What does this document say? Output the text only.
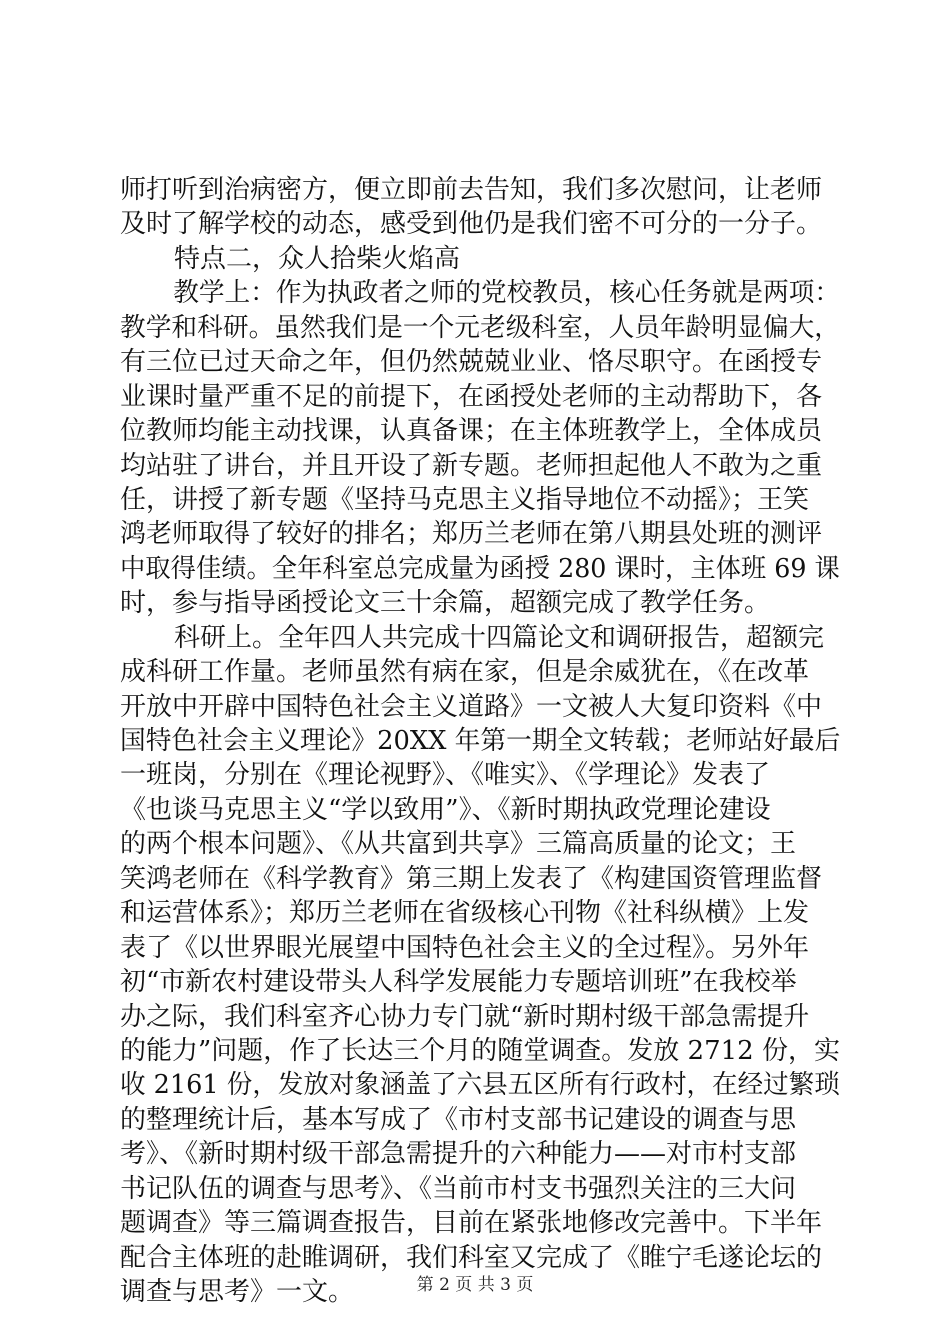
师打听到治病密方，便立即前去告知，我们多次慰问，让老师
及时了解学校的动态，感受到他仍是我们密不可分的一分子。
特点二，众人拾柴火焰高
教学上：作为执政者之师的党校教员，核心任务就是两项：
教学和科研。虽然我们是一个元老级科室，人员年龄明显偏大，
有三位已过天命之年，但仍然兢兢业业、恪尽职守。在函授专
业课时量严重不足的前提下，在函授处老师的主动帮助下，各
位教师均能主动找课，认真备课；在主体班教学上，全体成员
均站驻了讲台，并且开设了新专题。老师担起他人不敢为之重
任，讲授了新专题《坚持马克思主义指导地位不动摇》；王笑
鸿老师取得了较好的排名；郑历兰老师在第八期县处班的测评
中取得佳绩。全年科室总完成量为函授 280 课时，主体班 69 课
时，参与指导函授论文三十余篇，超额完成了教学任务。
科研上。全年四人共完成十四篇论文和调研报告，超额完
成科研工作量。老师虽然有病在家，但是余威犹在，《在改革
开放中开辟中国特色社会主义道路》一文被人大复印资料《中
国特色社会主义理论》20XX 年第一期全文转载；老师站好最后
一班岗，分别在《理论视野》、《唯实》、《学理论》发表了
《也谈马克思主义“学以致用”》、《新时期执政党理论建设
的两个根本问题》、《从共富到共享》三篇高质量的论文；王
笑鸿老师在《科学教育》第三期上发表了《构建国资管理监督
和运营体系》；郑历兰老师在省级核心刊物《社科纵横》上发
表了《以世界眼光展望中国特色社会主义的全过程》。另外年
初“市新农村建设带头人科学发展能力专题培训班”在我校举
办之际，我们科室齐心协力专门就“新时期村级干部急需提升
的能力”问题，作了长达三个月的随堂调查。发放 2712 份，实
收 2161 份，发放对象涵盖了六县五区所有行政村，在经过繁琐
的整理统计后，基本写成了《市村支部书记建设的调查与思
考》、《新时期村级干部急需提升的六种能力——对市村支部
书记队伍的调查与思考》、《当前市村支书强烈关注的三大问
题调查》等三篇调查报告，目前在紧张地修改完善中。下半年
配合主体班的赴睢调研，我们科室又完成了《睢宁毛遂论坛的
调查与思考》一文。	第 2 页 共 3 页
